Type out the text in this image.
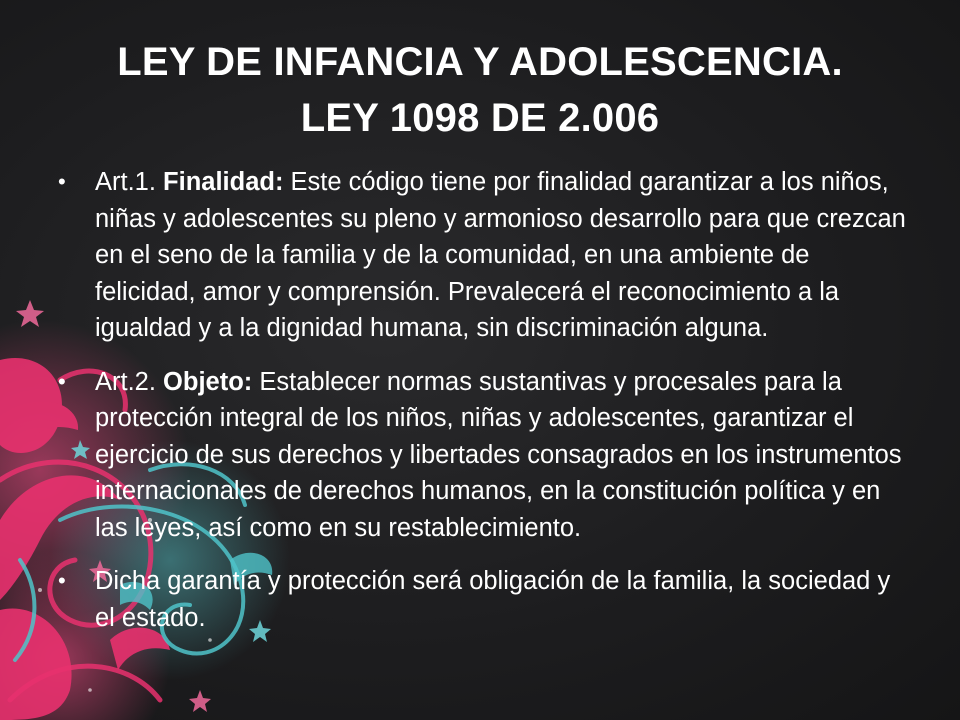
LEY DE INFANCIA Y ADOLESCENCIA.
LEY 1098 DE 2.006
• Art.1. Finalidad: Este código tiene por finalidad garantizar a los niños, niñas y adolescentes su pleno y armonioso desarrollo para que crezcan en el seno de la familia y de la comunidad, en una ambiente de felicidad, amor y comprensión. Prevalecerá el reconocimiento a la igualdad y a la dignidad humana, sin discriminación alguna.
• Art.2. Objeto: Establecer normas sustantivas y procesales para la protección integral de los niños, niñas y adolescentes, garantizar el ejercicio de sus derechos y libertades consagrados en los instrumentos internacionales de derechos humanos, en la constitución política y en las leyes, así como en su restablecimiento.
• Dicha garantía y protección será obligación de la familia, la sociedad y el estado.
